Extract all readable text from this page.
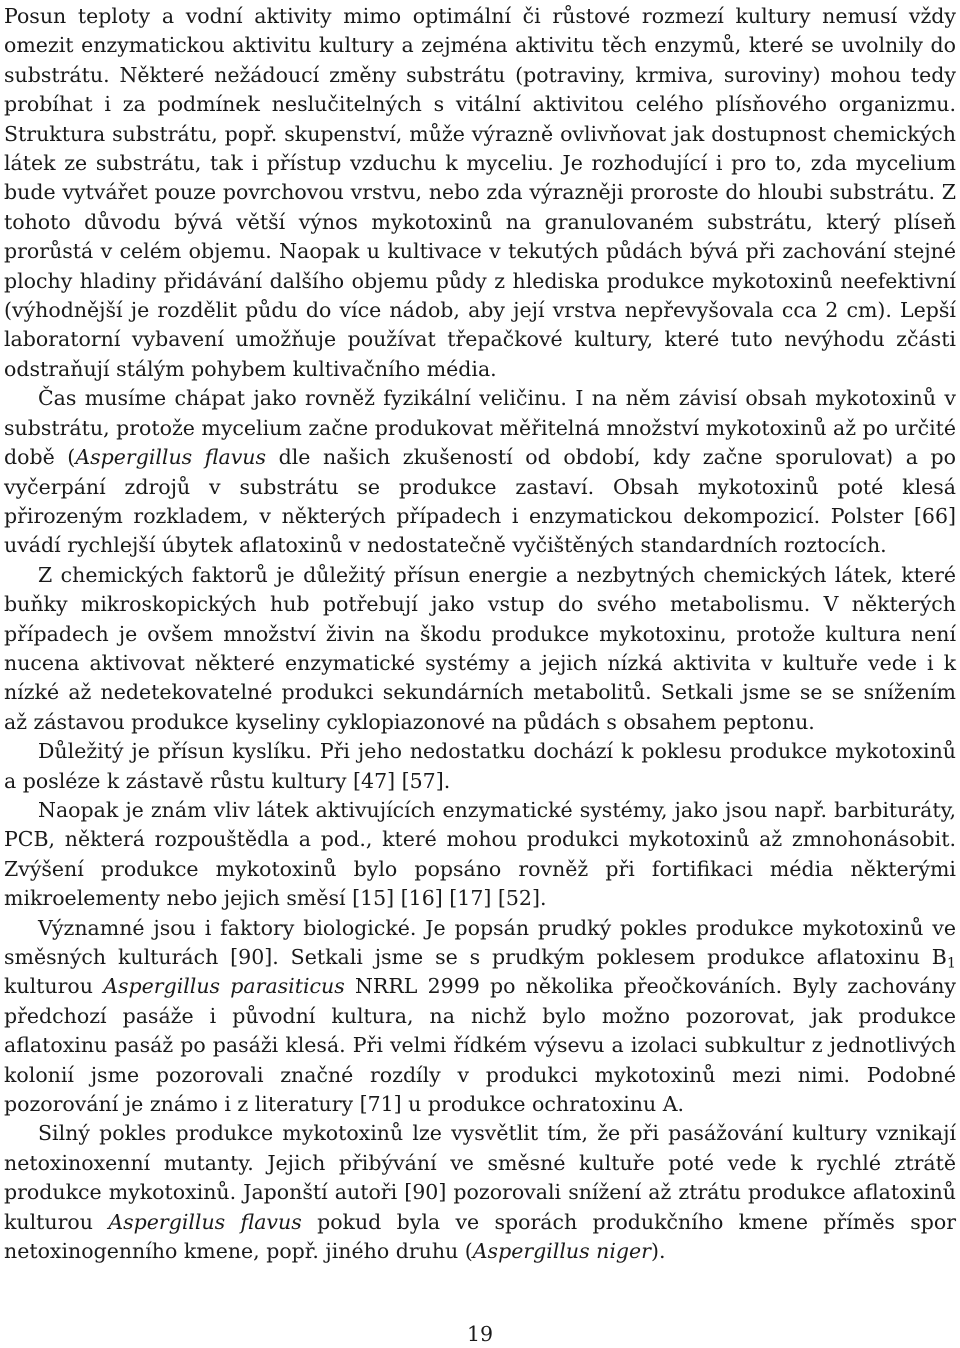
Posun teploty a vodní aktivity mimo optimální či růstové rozmezí kultury nemusí vždy omezit enzymatickou aktivitu kultury a zejména aktivitu těch enzymů, které se uvolnily do substrátu. Některé nežádoucí změny substrátu (potraviny, krmiva, suroviny) mohou tedy probíhat i za podmínek neslučitelných s vitální aktivitou celého plísňového organizmu. Struktura substrátu, popř. skupenství, může výrazně ovlivňovat jak dostupnost chemických látek ze substrátu, tak i přístup vzduchu k myceliu. Je rozhodující i pro to, zda mycelium bude vytvářet pouze povrchovou vrstvu, nebo zda výrazněji proroste do hloubi substrátu. Z tohoto důvodu bývá větší výnos mykotoxinů na granulovaném substrátu, který plíseň prorůstá v celém objemu. Naopak u kultivace v tekutých půdách bývá při zachování stejné plochy hladiny přidávání dalšího objemu půdy z hlediska produkce mykotoxinů neefektivní (výhodnější je rozdělit půdu do více nádob, aby její vrstva nepřevyšovala cca 2 cm). Lepší laboratorní vybavení umožňuje používat třepačkové kultury, které tuto nevýhodu zčásti odstraňují stálým pohybem kultivačního média.

Čas musíme chápat jako rovněž fyzikální veličinu. I na něm závisí obsah mykotoxinů v substrátu, protože mycelium začne produkovat měřitelná množství mykotoxinů až po určité době (Aspergillus flavus dle našich zkušeností od období, kdy začne sporulovat) a po vyčerpání zdrojů v substrátu se produkce zastaví. Obsah mykotoxinů poté klesá přirozeným rozkladem, v některých případech i enzymatickou dekompozicí. Polster [66] uvádí rychlejší úbytek aflatoxinů v nedostatečně vyčištěných standardních roztocích.

Z chemických faktorů je důležitý přísun energie a nezbytných chemických látek, které buňky mikroskopických hub potřebují jako vstup do svého metabolismu. V některých případech je ovšem množství živin na škodu produkce mykotoxinu, protože kultura není nucena aktivovat některé enzymatické systémy a jejich nízká aktivita v kultuře vede i k nízké až nedetekovatelné produkci sekundárních metabolitů. Setkali jsme se se snížením až zástavou produkce kyseliny cyklopiazonové na půdách s obsahem peptonu.

Důležitý je přísun kyslíku. Při jeho nedostatku dochází k poklesu produkce mykotoxinů a posléze k zástavě růstu kultury [47] [57].

Naopak je znám vliv látek aktivujících enzymatické systémy, jako jsou např. barbituráty, PCB, některá rozpouštědla a pod., které mohou produkci mykotoxinů až zmnohonásobit. Zvýšení produkce mykotoxinů bylo popsáno rovněž při fortifikaci média některými mikroelementy nebo jejich směsí [15] [16] [17] [52].

Významné jsou i faktory biologické. Je popsán prudký pokles produkce mykotoxinů ve směsných kulturách [90]. Setkali jsme se s prudkým poklesem produkce aflatoxinu $B_1$ kulturou Aspergillus parasiticus NRRL 2999 po několika přeočkováních. Byly zachovány předchozí pasáže i původní kultura, na nichž bylo možno pozorovat, jak produkce aflatoxinu pasáž po pasáži klesá. Při velmi řídkém výsevu a izolaci subkultur z jednotlivých kolonií jsme pozorovali značné rozdíly v produkci mykotoxinů mezi nimi. Podobné pozorování je známo i z literatury [71] u produkce ochratoxinu A.

Silný pokles produkce mykotoxinů lze vysvětlit tím, že při pasážování kultury vznikají netoxinoxenní mutanty. Jejich přibývání ve směsné kultuře poté vede k rychlé ztrátě produkce mykotoxinů. Japonští autoři [90] pozorovali snížení až ztrátu produkce aflatoxinů kulturou Aspergillus flavus pokud byla ve sporách produkčního kmene příměs spor netoxinogenního kmene, popř. jiného druhu (Aspergillus niger).

19
